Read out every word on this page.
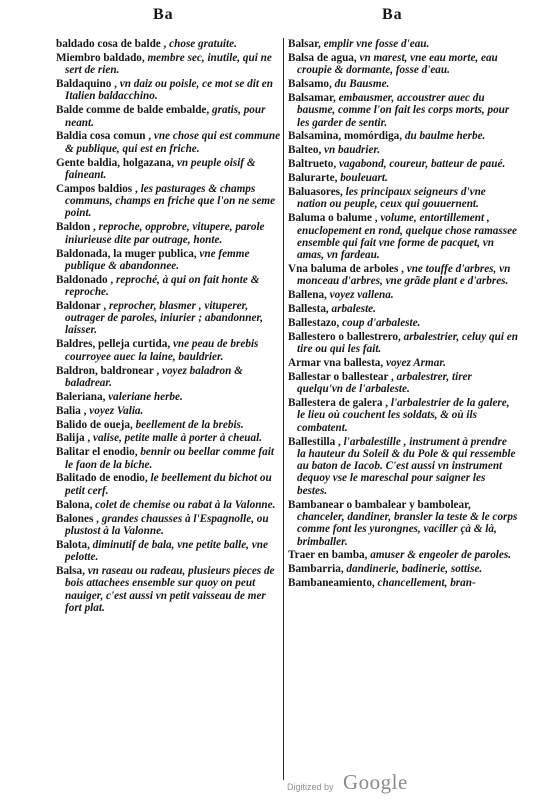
Ba	Ba

baldado cosa de balde , chose gratuite.

Miembro baldado, membre sec, inutile, qui ne sert de rien.

Baldaquino , vn daiz ou poisle, ce mot se dit en Italien baldacchino.

Balde comme de balde embalde, gratis, pour neant.

Baldia cosa comun , vne chose qui est commune & publique, qui est en friche.

Gente baldia, holgazana, vn peuple oisif & faineant.

Campos baldios , les pasturages & champs communs, champs en friche que l'on ne seme point.

Baldon , reproche, opprobre, vitupere, parole iniurieuse dite par outrage, honte.

Baldonada, la muger publica, vne femme publique & abandonnee.

Baldonado , reproché, à qui on fait honte & reproche.

Baldonar , reprocher, blasmer , vituperer, outrager de paroles, iniurier ; abandonner, laisser.

Baldres, pelleja curtida, vne peau de brebis courroyee auec la laine, bauldrier.

Baldron, baldronear , voyez baladron & baladrear.

Baleriana, valeriane herbe.

Balia , voyez Valia.

Balido de oueja, beellement de la brebis.

Balija , valise, petite malle à porter à cheual.

Balitar el enodio, bennir ou beellar comme fait le faon de la biche.

Balitado de enodio, le beellement du bichot ou petit cerf.

Balona, colet de chemise ou rabat à la Valonne.

Balones , grandes chausses à l'Espagnolle, ou plustost à la Valonne.

Balota, diminutif de bala, vne petite balle, vne pelotte.

Balsa, vn raseau ou radeau, plusieurs pieces de bois attachees ensemble sur quoy on peut nauiger, c'est aussi vn petit vaisseau de mer fort plat.

Balsar, emplir vne fosse d'eau.

Balsa de agua, vn marest, vne eau morte, eau croupie & dormante, fosse d'eau.

Balsamo, du Bausme.

Balsamar, embausmer, accoustrer auec du bausme, comme l'on fait les corps morts, pour les garder de sentir.

Balsamina, momórdiga, du baulme herbe.

Balteo, vn baudrier.

Baltrueto, vagabond, coureur, batteur de paué.

Balurarte, bouleuart.

Baluasores, les principaux seigneurs d'vne nation ou peuple, ceux qui gouuernent.

Baluma o balume , volume, entortillement , enuclopement en rond, quelque chose ramassee ensemble qui fait vne forme de pacquet, vn amas, vn fardeau.

Vna baluma de arboles , vne touffe d'arbres, vn monceau d'arbres, vne grãde plant e d'arbres.

Ballena, voyez vallena.

Ballesta, arbaleste.

Ballestazo, coup d'arbaleste.

Ballestero o ballestrero, arbalestrier, celuy qui en tire ou qui les fait.

Armar vna ballesta, voyez Armar.

Ballestar o ballestear , arbalestrer, tirer quelqu'vn de l'arbaleste.

Ballestera de galera , l'arbalestrier de la galere, le lieu où couchent les soldats, & où ils combatent.

Ballestilla , l'arbalestille , instrument à prendre la hauteur du Soleil & du Pole & qui ressemble au baton de Iacob. C'est aussi vn instrument dequoy vse le mareschal pour saigner les bestes.

Bambanear o bambalear y bambolear, chanceler, dandiner, bransler la teste & le corps comme font les yurongnes, vaciller çà & là, brimballer.

Traer en bamba, amuser & engeoler de paroles.

Bambarria, dandinerie, badinerie, sottise.

Bambaneamiento, chancellement, bran-

Digitized by Google
